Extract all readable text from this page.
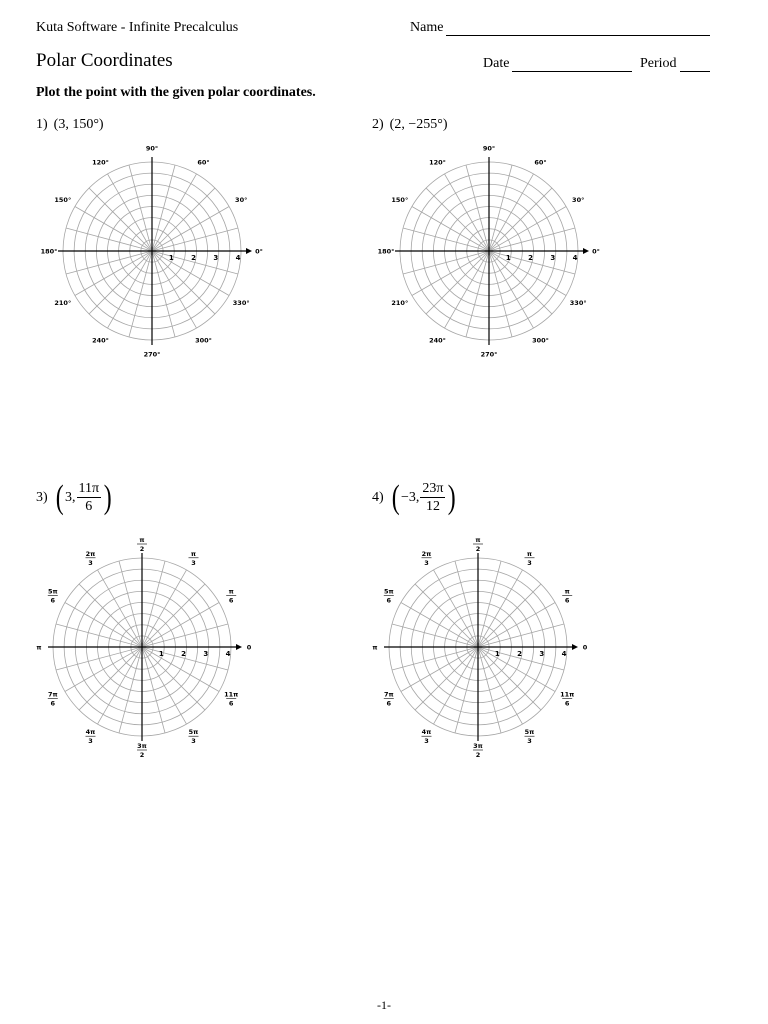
Kuta Software - Infinite Precalculus	Name
Polar Coordinates	Date	Period
Plot the point with the given polar coordinates.
1) (3, 150°)	2) (2, −255°)
3) ( 3, $\frac{11\pi}{6}$ )	4) ( −3, $\frac{23\pi}{12}$ )
1 2 3 4
0°
30°
60°
90°
120°
150°
180°
210°
240°
270°
300°
330°
1 2 3 4
0°
30°
60°
90°
120°
150°
180°
210°
240°
270°
300°
330°
1 2 3 4
0
π
6
π
3
π
2
2π
3
5π
6
π
7π
6
4π
3
3π
2
5π
3
11π
6
1 2 3 4
0
π
6
π
3
π
2
2π
3
5π
6
π
7π
6
4π
3
3π
2
5π
3
11π
6
-1-
